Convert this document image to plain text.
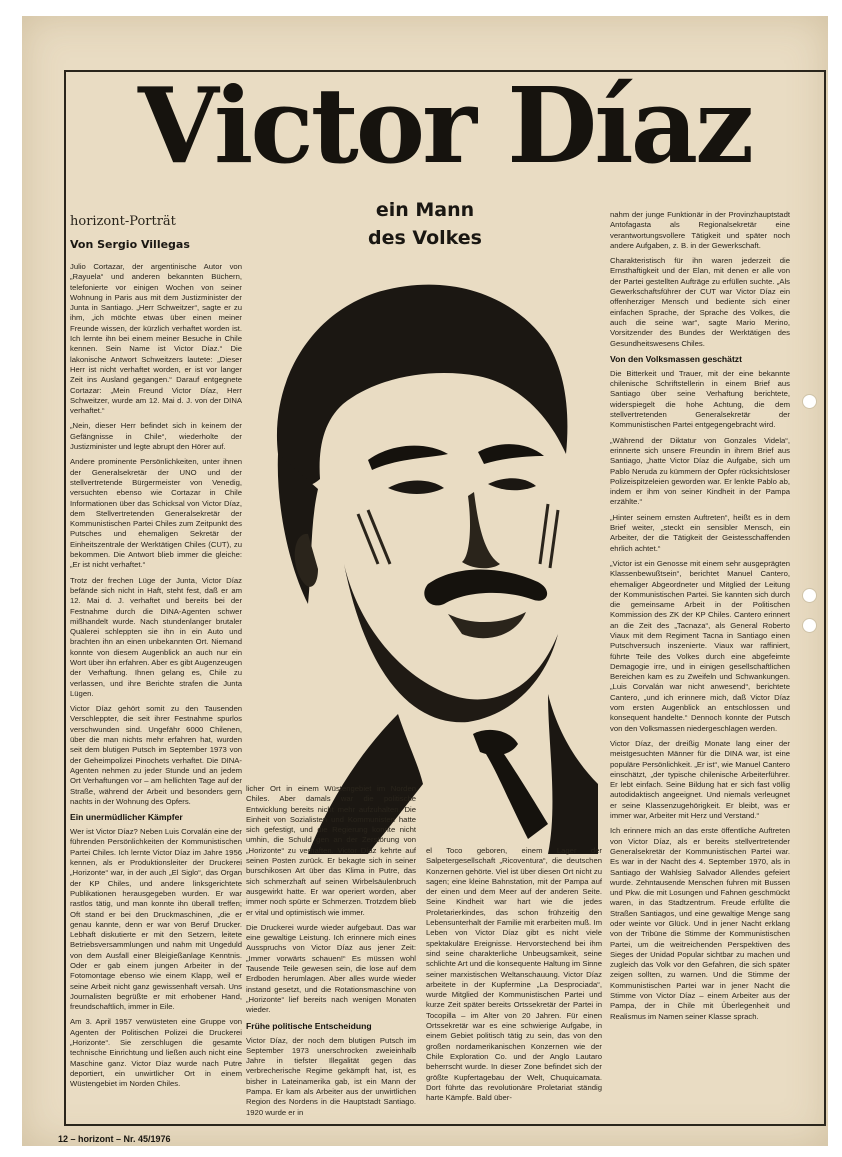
Victor Díaz
ein Mann
des Volkes
horizont-Porträt
Von Sergio Villegas

Julio Cortazar, der argentinische Autor von „Rayuela“ und anderen bekannten Büchern, telefonierte vor einigen Wochen von seiner Wohnung in Paris aus mit dem Justizminister der Junta in Santiago. „Herr Schweitzer“, sagte er zu ihm, „ich möchte etwas über einen meiner Freunde wissen, der kürzlich verhaftet worden ist. Ich lernte ihn bei einem meiner Besuche in Chile kennen. Sein Name ist Victor Díaz.“ Die lakonische Antwort Schweitzers lautete: „Dieser Herr ist nicht verhaftet worden, er ist vor langer Zeit ins Ausland gegangen.“ Darauf entgegnete Cortazar: „Mein Freund Victor Díaz, Herr Schweitzer, wurde am 12. Mai d. J. von der DINA verhaftet.“

„Nein, dieser Herr befindet sich in keinem der Gefängnisse in Chile“, wiederholte der Justizminister und legte abrupt den Hörer auf.

Andere prominente Persönlichkeiten, unter ihnen der Generalsekretär der UNO und der stellvertretende Bürgermeister von Venedig, versuchten ebenso wie Cortazar in Chile Informationen über das Schicksal von Victor Díaz, dem Stellvertretenden Generalsekretär der Kommunistischen Partei Chiles zum Zeitpunkt des Putsches und ehemaligen Sekretär der Einheitszentrale der Werktätigen Chiles (CUT), zu bekommen. Die Antwort blieb immer die gleiche: „Er ist nicht verhaftet.“

Trotz der frechen Lüge der Junta, Victor Díaz befände sich nicht in Haft, steht fest, daß er am 12. Mai d. J. verhaftet und bereits bei der Festnahme durch die DINA-Agenten schwer mißhandelt wurde. Nach stundenlanger brutaler Quälerei schleppten sie ihn in ein Auto und brachten ihn an einen unbekannten Ort. Niemand konnte von diesem Augenblick an auch nur ein Wort über ihn erfahren. Aber es gibt Augenzeugen der Verhaftung. Ihnen gelang es, Chile zu verlassen, und ihre Berichte strafen die Junta Lügen.

Victor Díaz gehört somit zu den Tausenden Verschleppter, die seit ihrer Festnahme spurlos verschwunden sind. Ungefähr 6000 Chilenen, über die man nichts mehr erfahren hat, wurden seit dem blutigen Putsch im September 1973 von der Geheimpolizei Pinochets verhaftet. Die DINA-Agenten nehmen zu jeder Stunde und an jedem Ort Verhaftungen vor – am hellichten Tage auf der Straße, während der Arbeit und besonders gern nachts in der Wohnung des Opfers.

Ein unermüdlicher Kämpfer

Wer ist Victor Díaz? Neben Luis Corvalán eine der führenden Persönlichkeiten der Kommunistischen Partei Chiles. Ich lernte Victor Díaz im Jahre 1956 kennen, als er Produktionsleiter der Druckerei „Horizonte“ war, in der auch „El Siglo“, das Organ der KP Chiles, und andere linksgerichtete Publikationen herausgegeben wurden. Er war rastlos tätig, und man konnte ihn überall treffen; Oft stand er bei den Druckmaschinen, „die er genau kannte, denn er war von Beruf Drucker. Lebhaft diskutierte er mit den Setzern, leitete Betriebsversammlungen und nahm mit Ungeduld von dem Ausfall einer Bleigießanlage Kenntnis. Oder er gab einem jungen Arbeiter in der Fotomontage ebenso wie einem Klapp, weil er seine Arbeit nicht ganz gewissenhaft versah. Uns Journalisten begrüßte er mit erhobener Hand, freundschaftlich, immer in Eile.

Am 3. April 1957 verwüsteten eine Gruppe von Agenten der Politischen Polizei die Druckerei „Horizonte“. Sie zerschlugen die gesamte technische Einrichtung und ließen auch nicht eine Maschine ganz. Victor Díaz wurde nach Putre deportiert, ein unwirtlicher Ort in einem Wüstengebiet im Norden Chiles.

licher Ort in einem Wüstengebiet im Norden Chiles. Aber damals war die politische Entwicklung bereits nicht mehr aufzuhalten. Die Einheit von Sozialisten und Kommunisten hatte sich gefestigt, und die Regierung konnte nicht umhin, die Schuld gen an der Zerstörung von „Horizonte“ zu verhaften. Victor Díaz kehrte auf seinen Posten zurück. Er bekagte sich in seiner burschikosen Art über das Klima in Putre, das sich schmerzhaft auf seinen Wirbelsäulenbruch ausgewirkt hatte. Er war operiert worden, aber immer noch spürte er Schmerzen. Trotzdem blieb er vital und optimistisch wie immer.

Die Druckerei wurde wieder aufgebaut. Das war eine gewaltige Leistung. Ich erinnere mich eines Ausspruchs von Victor Díaz aus jener Zeit: „Immer vorwärts schauen!“ Es müssen wohl Tausende Teile gewesen sein, die lose auf dem Erdboden herumlagen. Aber alles wurde wieder instand gesetzt, und die Rotationsmaschine von „Horizonte“ lief bereits nach wenigen Monaten wieder.

Frühe politische Entscheidung

Victor Díaz, der noch dem blutigen Putsch im September 1973 unerschrocken zweieinhalb Jahre in tiefster Illegalität gegen das verbrecherische Regime gekämpft hat, ist, es bisher in Lateinamerika gab, ist ein Mann der Pampa. Er kam als Arbeiter aus der unwirtlichen Region des Nordens in die Hauptstadt Santiago. 1920 wurde er in

el Toco geboren, einem Lager der Salpetergesellschaft „Ricoventura“, die deutschen Konzernen gehörte. Viel ist über diesen Ort nicht zu sagen; eine kleine Bahnstation, mit der Pampa auf der einen und dem Meer auf der anderen Seite. Seine Kindheit war hart wie die jedes Proletarierkindes, das schon frühzeitig den Lebensunterhalt der Familie mit erarbeiten muß. Im Leben von Victor Díaz gibt es nicht viele spektakuläre Ereignisse. Hervorstechend bei ihm sind seine charakterliche Unbeugsamkeit, seine schlichte Art und die konsequente Haltung im Sinne seiner marxistischen Weltanschauung. Victor Díaz arbeitete in der Kupfermine „La Desprociada“, wurde Mitglied der Kommunistischen Partei und kurze Zeit später bereits Ortssekretär der Partei in Tocopilla – im Alter von 20 Jahren. Für einen Ortssekretär war es eine schwierige Aufgabe, in einem Gebiet politisch tätig zu sein, das von den großen nordamerikanischen Konzernen wie der Chile Exploration Co. und der Anglo Lautaro beherrscht wurde. In dieser Zone befindet sich der größte Kupfertagebau der Welt, Chuquicamata. Dort führte das revolutionäre Proletariat ständig harte Kämpfe. Bald über-

nahm der junge Funktionär in der Provinzhauptstadt Antofagasta als Regionalsekretär eine verantwortungsvollere Tätigkeit und später noch andere Aufgaben, z. B. in der Gewerkschaft.

Charakteristisch für ihn waren jederzeit die Ernsthaftigkeit und der Elan, mit denen er alle von der Partei gestellten Aufträge zu erfüllen suchte. „Als Gewerkschaftsführer der CUT war Victor Díaz ein offenherziger Mensch und bediente sich einer einfachen Sprache, der Sprache des Volkes, die auch die seine war“, sagte Mario Merino, Vorsitzender des Bundes der Werktätigen des Gesundheitswesens Chiles.

Von den Volksmassen geschätzt

Die Bitterkeit und Trauer, mit der eine bekannte chilenische Schriftstellerin in einem Brief aus Santiago über seine Verhaftung berichtete, widerspiegelt die hohe Achtung, die dem stellvertretenden Generalsekretär der Kommunistischen Partei entgegengebracht wird.

„Während der Diktatur von Gonzales Videla“, erinnerte sich unsere Freundin in ihrem Brief aus Santiago, „hatte Victor Díaz die Aufgabe, sich um Pablo Neruda zu kümmern der Opfer rücksichtsloser Polizeispitzeleien geworden war. Er lenkte Pablo ab, indem er ihm von seiner Kindheit in der Pampa erzählte.“

„Hinter seinem ernsten Auftreten“, heißt es in dem Brief weiter, „steckt ein sensibler Mensch, ein Arbeiter, der die Tätigkeit der Geistesschaffenden ehrlich achtet.“

„Victor ist ein Genosse mit einem sehr ausgeprägten Klassenbewußtsein“, berichtet Manuel Cantero, ehemaliger Abgeordneter und Mitglied der Leitung der Kommunistischen Partei. Sie kannten sich durch die gemeinsame Arbeit in der Politischen Kommission des ZK der KP Chiles. Cantero erinnert an die Zeit des „Tacnaza“, als General Roberto Viaux mit dem Regiment Tacna in Santiago einen Putschversuch inszenierte. Viaux war raffiniert, führte Teile des Volkes durch eine abgefeimte Demagogie irre, und in einigen gesellschaftlichen Bereichen kam es zu Zweifeln und Schwankungen. „Luis Corvalán war nicht anwesend“, berichtete Cantero, „und ich erinnere mich, daß Victor Díaz vom ersten Augenblick an entschlossen und konsequent handelte.“ Dennoch konnte der Putsch von den Volksmassen niedergeschlagen werden.

Victor Díaz, der dreißig Monate lang einer der meistgesuchten Männer für die DINA war, ist eine populäre Persönlichkeit. „Er ist“, wie Manuel Cantero einschätzt, „der typische chilenische Arbeiterführer. Er lebt einfach. Seine Bildung hat er sich fast völlig autodidaktisch angeeignet. Und niemals verleugnet er seine Klassenzugehörigkeit. Er bleibt, was er immer war, Arbeiter mit Herz und Verstand.“

Ich erinnere mich an das erste öffentliche Auftreten von Victor Díaz, als er bereits stellvertretender Generalsekretär der Kommunistischen Partei war. Es war in der Nacht des 4. September 1970, als in Santiago der Wahlsieg Salvador Allendes gefeiert wurde. Zehntausende Menschen fuhren mit Bussen und Pkw. die mit Losungen und Fahnen geschmückt waren, in das Stadtzentrum. Freude erfüllte die Straßen Santiagos, und eine gewaltige Menge sang oder weinte vor Glück. Und in jener Nacht erklang von der Tribüne die Stimme der Kommunistischen Partei, um die weitreichenden Perspektiven des Sieges der Unidad Popular sichtbar zu machen und zugleich das Volk vor den Gefahren, die sich später zeigen sollten, zu warnen. Und die Stimme der Kommunistischen Partei war in jener Nacht die Stimme von Victor Díaz – einem Arbeiter aus der Pampa, der in Chile mit Überlegenheit und Realismus im Namen seiner Klasse sprach.

12 – horizont – Nr. 45/1976
